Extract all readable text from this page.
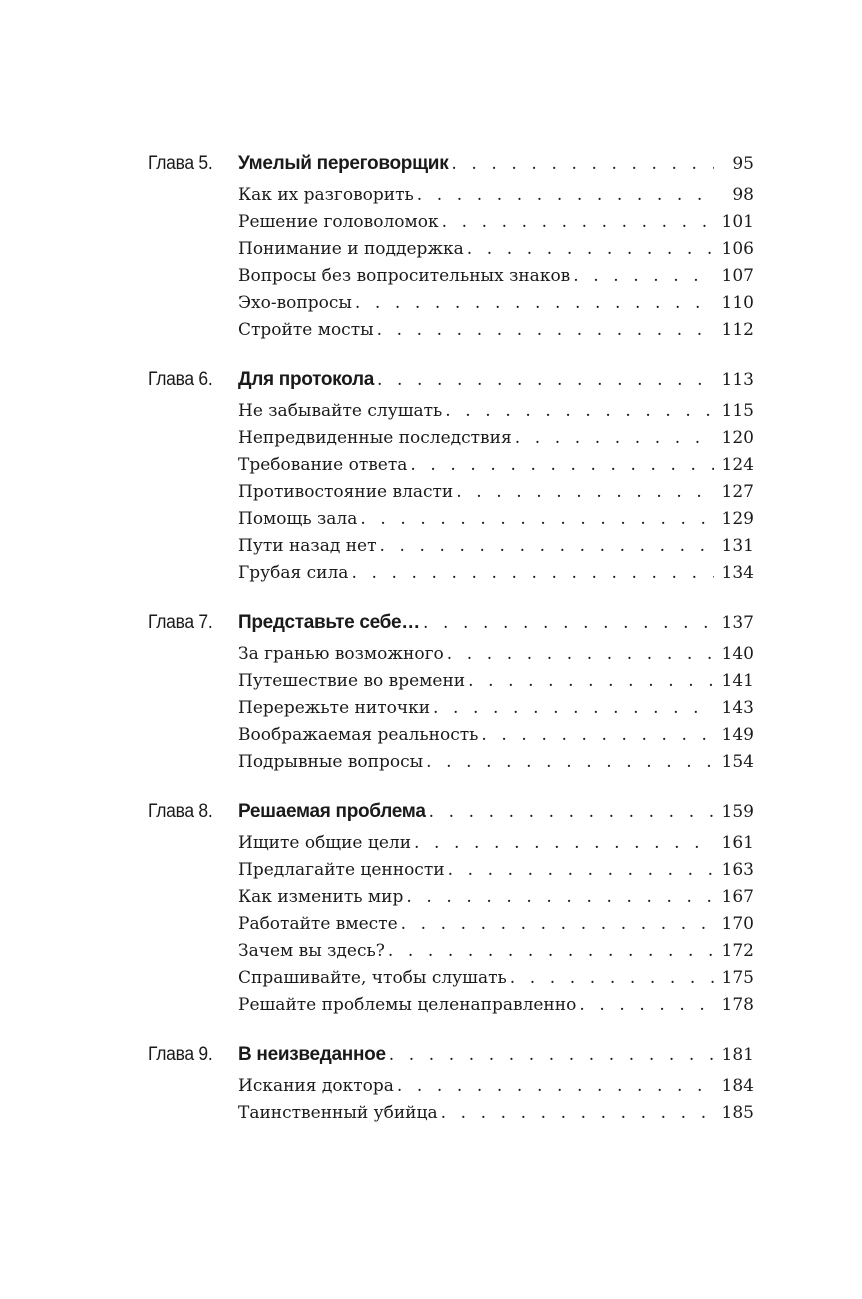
Глава 5.	Умелый переговорщик . . .	95
Как их разговорить . . .	98
Решение головоломок . . .	101
Понимание и поддержка . . .	106
Вопросы без вопросительных знаков . . .	107
Эхо-вопросы . . .	110
Стройте мосты . . .	112
Глава 6.	Для протокола . . .	113
Не забывайте слушать . . .	115
Непредвиденные последствия . . .	120
Требование ответа . . .	124
Противостояние власти . . .	127
Помощь зала . . .	129
Пути назад нет . . .	131
Грубая сила . . .	134
Глава 7.	Представьте себе… . . .	137
За гранью возможного . . .	140
Путешествие во времени . . .	141
Перережьте ниточки . . .	143
Воображаемая реальность . . .	149
Подрывные вопросы . . .	154
Глава 8.	Решаемая проблема . . .	159
Ищите общие цели . . .	161
Предлагайте ценности . . .	163
Как изменить мир . . .	167
Работайте вместе . . .	170
Зачем вы здесь? . . .	172
Спрашивайте, чтобы слушать . . .	175
Решайте проблемы целенаправленно . . .	178
Глава 9.	В неизведанное . . .	181
Искания доктора . . .	184
Таинственный убийца . . .	185
